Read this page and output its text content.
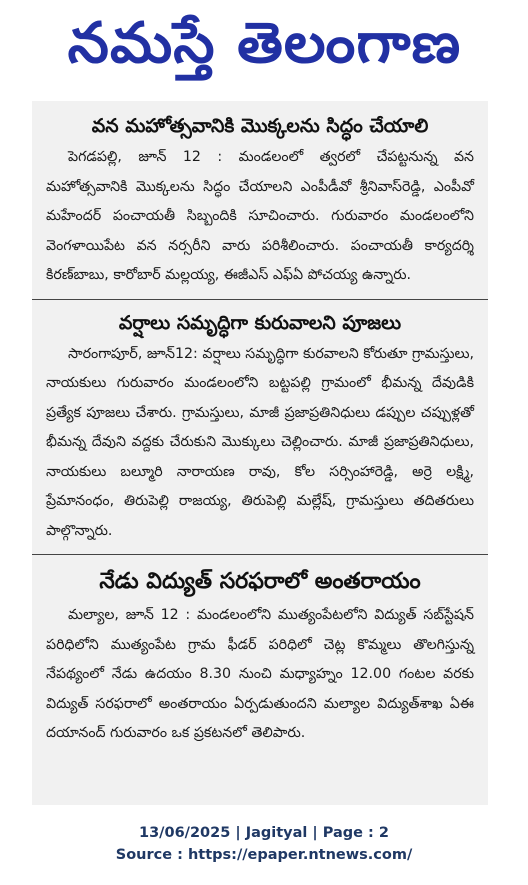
నమస్తే తెలంగాణ
వన మహోత్సవానికి మొక్కలను సిద్ధం చేయాలి

పెగడపల్లి, జూన్ 12 : మండలంలో త్వరలో చేపట్టనున్న వన మహోత్సవానికి మొక్కలను సిద్ధం చేయాలని ఎంపీడీవో శ్రీనివాస్‌రెడ్డి, ఎంపీవో మహేందర్ పంచాయతీ సిబ్బందికి సూచించారు. గురువారం మండలంలోని వెంగళాయిపేట వన నర్సరీని వారు పరిశీలించారు. పంచాయతీ కార్యదర్శి కిరణ్‌బాబు, కారోబార్ మల్లయ్య, ఈజీఎస్ ఎఫ్‌ఏ పోచయ్య ఉన్నారు.

వర్షాలు సమృద్ధిగా కురువాలని పూజలు

సారంగాపూర్, జూన్12: వర్షాలు సమృద్ధిగా కురవాలని కోరుతూ గ్రామస్తులు, నాయకులు గురువారం మండలంలోని బట్టపల్లి గ్రామంలో భీమన్న దేవుడికి ప్రత్యేక పూజలు చేశారు. గ్రామస్తులు, మాజీ ప్రజాప్రతినిధులు డప్పుల చప్పుళ్లతో భీమన్న దేవుని వద్దకు చేరుకుని మొక్కులు చెల్లించారు. మాజీ ప్రజాప్రతినిధులు, నాయకులు బల్మూరి నారాయణ రావు, కోల సర్సింహారెడ్డి, అర్రె లక్ష్మి, ప్రేమానంధం, తిరుపెల్లి రాజయ్య, తిరుపెల్లి మల్లేష్, గ్రామస్తులు తదితరులు పాల్గొన్నారు.

నేడు విద్యుత్ సరఫరాలో అంతరాయం

మల్యాల, జూన్ 12 : మండలంలోని ముత్యంపేటలోని విద్యుత్ సబ్‌స్టేషన్ పరిధిలోని ముత్యంపేట గ్రామ ఫీడర్ పరిధిలో చెట్ల కొమ్మలు తొలగిస్తున్న నేపథ్యంలో నేడు ఉదయం 8.30 నుంచి మధ్యాహ్నం 12.00 గంటల వరకు విద్యుత్ సరఫరాలో అంతరాయం ఏర్పడుతుందని మల్యాల విద్యుత్‌శాఖ ఏఈ దయానంద్ గురువారం ఒక ప్రకటనలో తెలిపారు.

13/06/2025 | Jagityal | Page : 2
Source : https://epaper.ntnews.com/
